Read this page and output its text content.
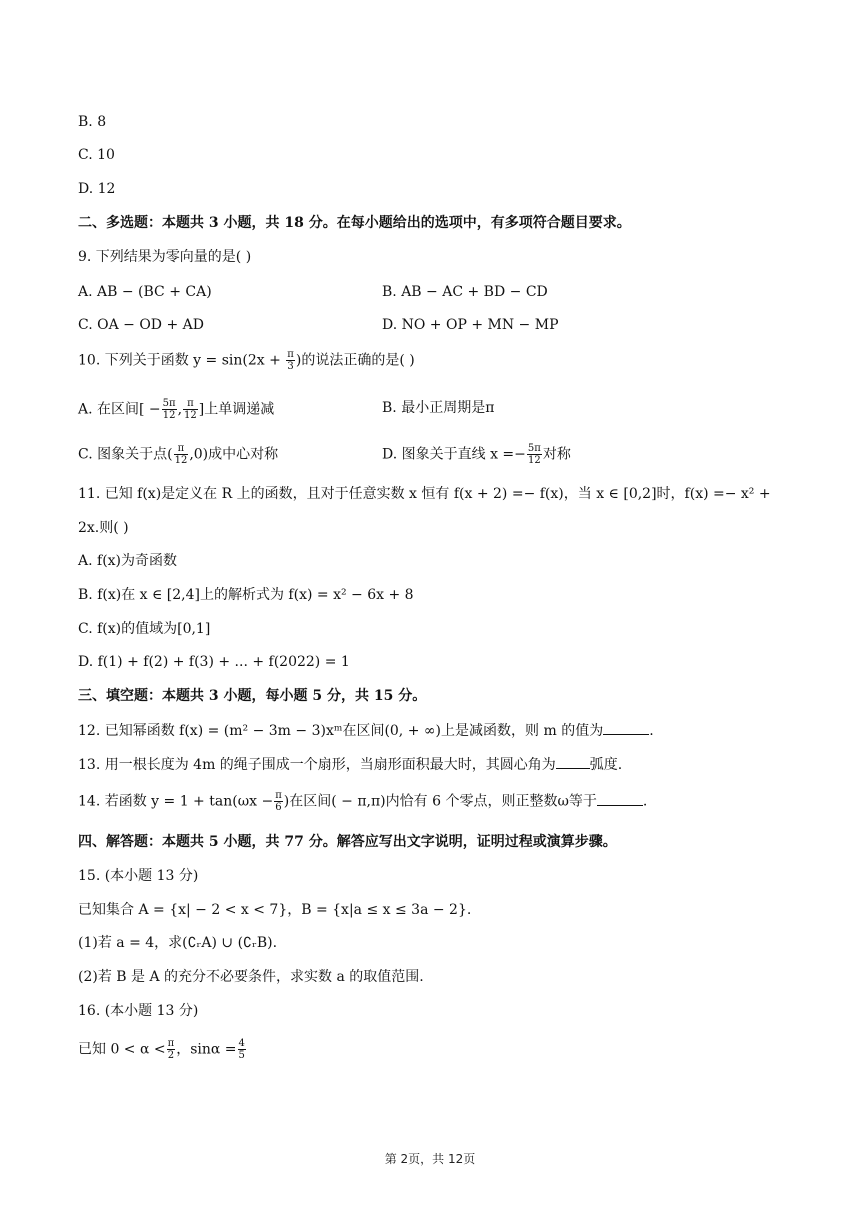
B. 8
C. 10
D. 12
二、多选题：本题共 3 小题，共 18 分。在每小题给出的选项中，有多项符合题目要求。
9. 下列结果为零向量的是( )
A. AB − (BC + CA)	B. AB − AC + BD − CD
C. OA − OD + AD	D. NO + OP + MN − MP
10. 下列关于函数 $y = \sin(2x + \frac{\pi}{3}$ )的说法正确的是( )
A. 在区间[ − $\frac{5\pi}{12}$ , $\frac{\pi}{12}$ ]上单调递减	B. 最小正周期是π
C. 图象关于点( $\frac{\pi}{12} ,0$)成中心对称	D. 图象关于直线 $x =- \frac{5\pi}{12}$ 对称
11. 已知 f(x)是定义在 R 上的函数，且对于任意实数 x 恒有 f(x + 2) =− f(x)，当 x ∈ [0,2]时，f(x) =− x² +
2x.则( )
A. f(x)为奇函数
B. f(x)在 x ∈ [2,4]上的解析式为 f(x) = x² − 6x + 8
C. f(x)的值域为[0,1]
D. f(1) + f(2) + f(3) + ... + f(2022) = 1
三、填空题：本题共 3 小题，每小题 5 分，共 15 分。
12. 已知幂函数 f(x) = (m² − 3m − 3)xᵐ在区间(0, + ∞)上是减函数，则 m 的值为	.
13. 用一根长度为 4m 的绳子围成一个扇形，当扇形面积最大时，其圆心角为 弧度.
14. 若函数 $y = 1 + \tan(\omega x - \frac{\pi}{6}$ )在区间( − π,π)内恰有 6 个零点，则正整数ω等于	.
四、解答题：本题共 5 小题，共 77 分。解答应写出文字说明，证明过程或演算步骤。
15. (本小题 13 分)
已知集合 A = {x| − 2 < x < 7}，B = {x|a ≤ x ≤ 3a − 2}.
(1)若 a = 4，求(∁ᵣA) ∪ (∁ᵣB).
(2)若 B 是 A 的充分不必要条件，求实数 a 的取值范围.
16. (本小题 13 分)
已知 $0 < \alpha < \frac{\pi}{2}$ ，$\sin\alpha = \frac{4}{5}$
第 2页，共 12页
